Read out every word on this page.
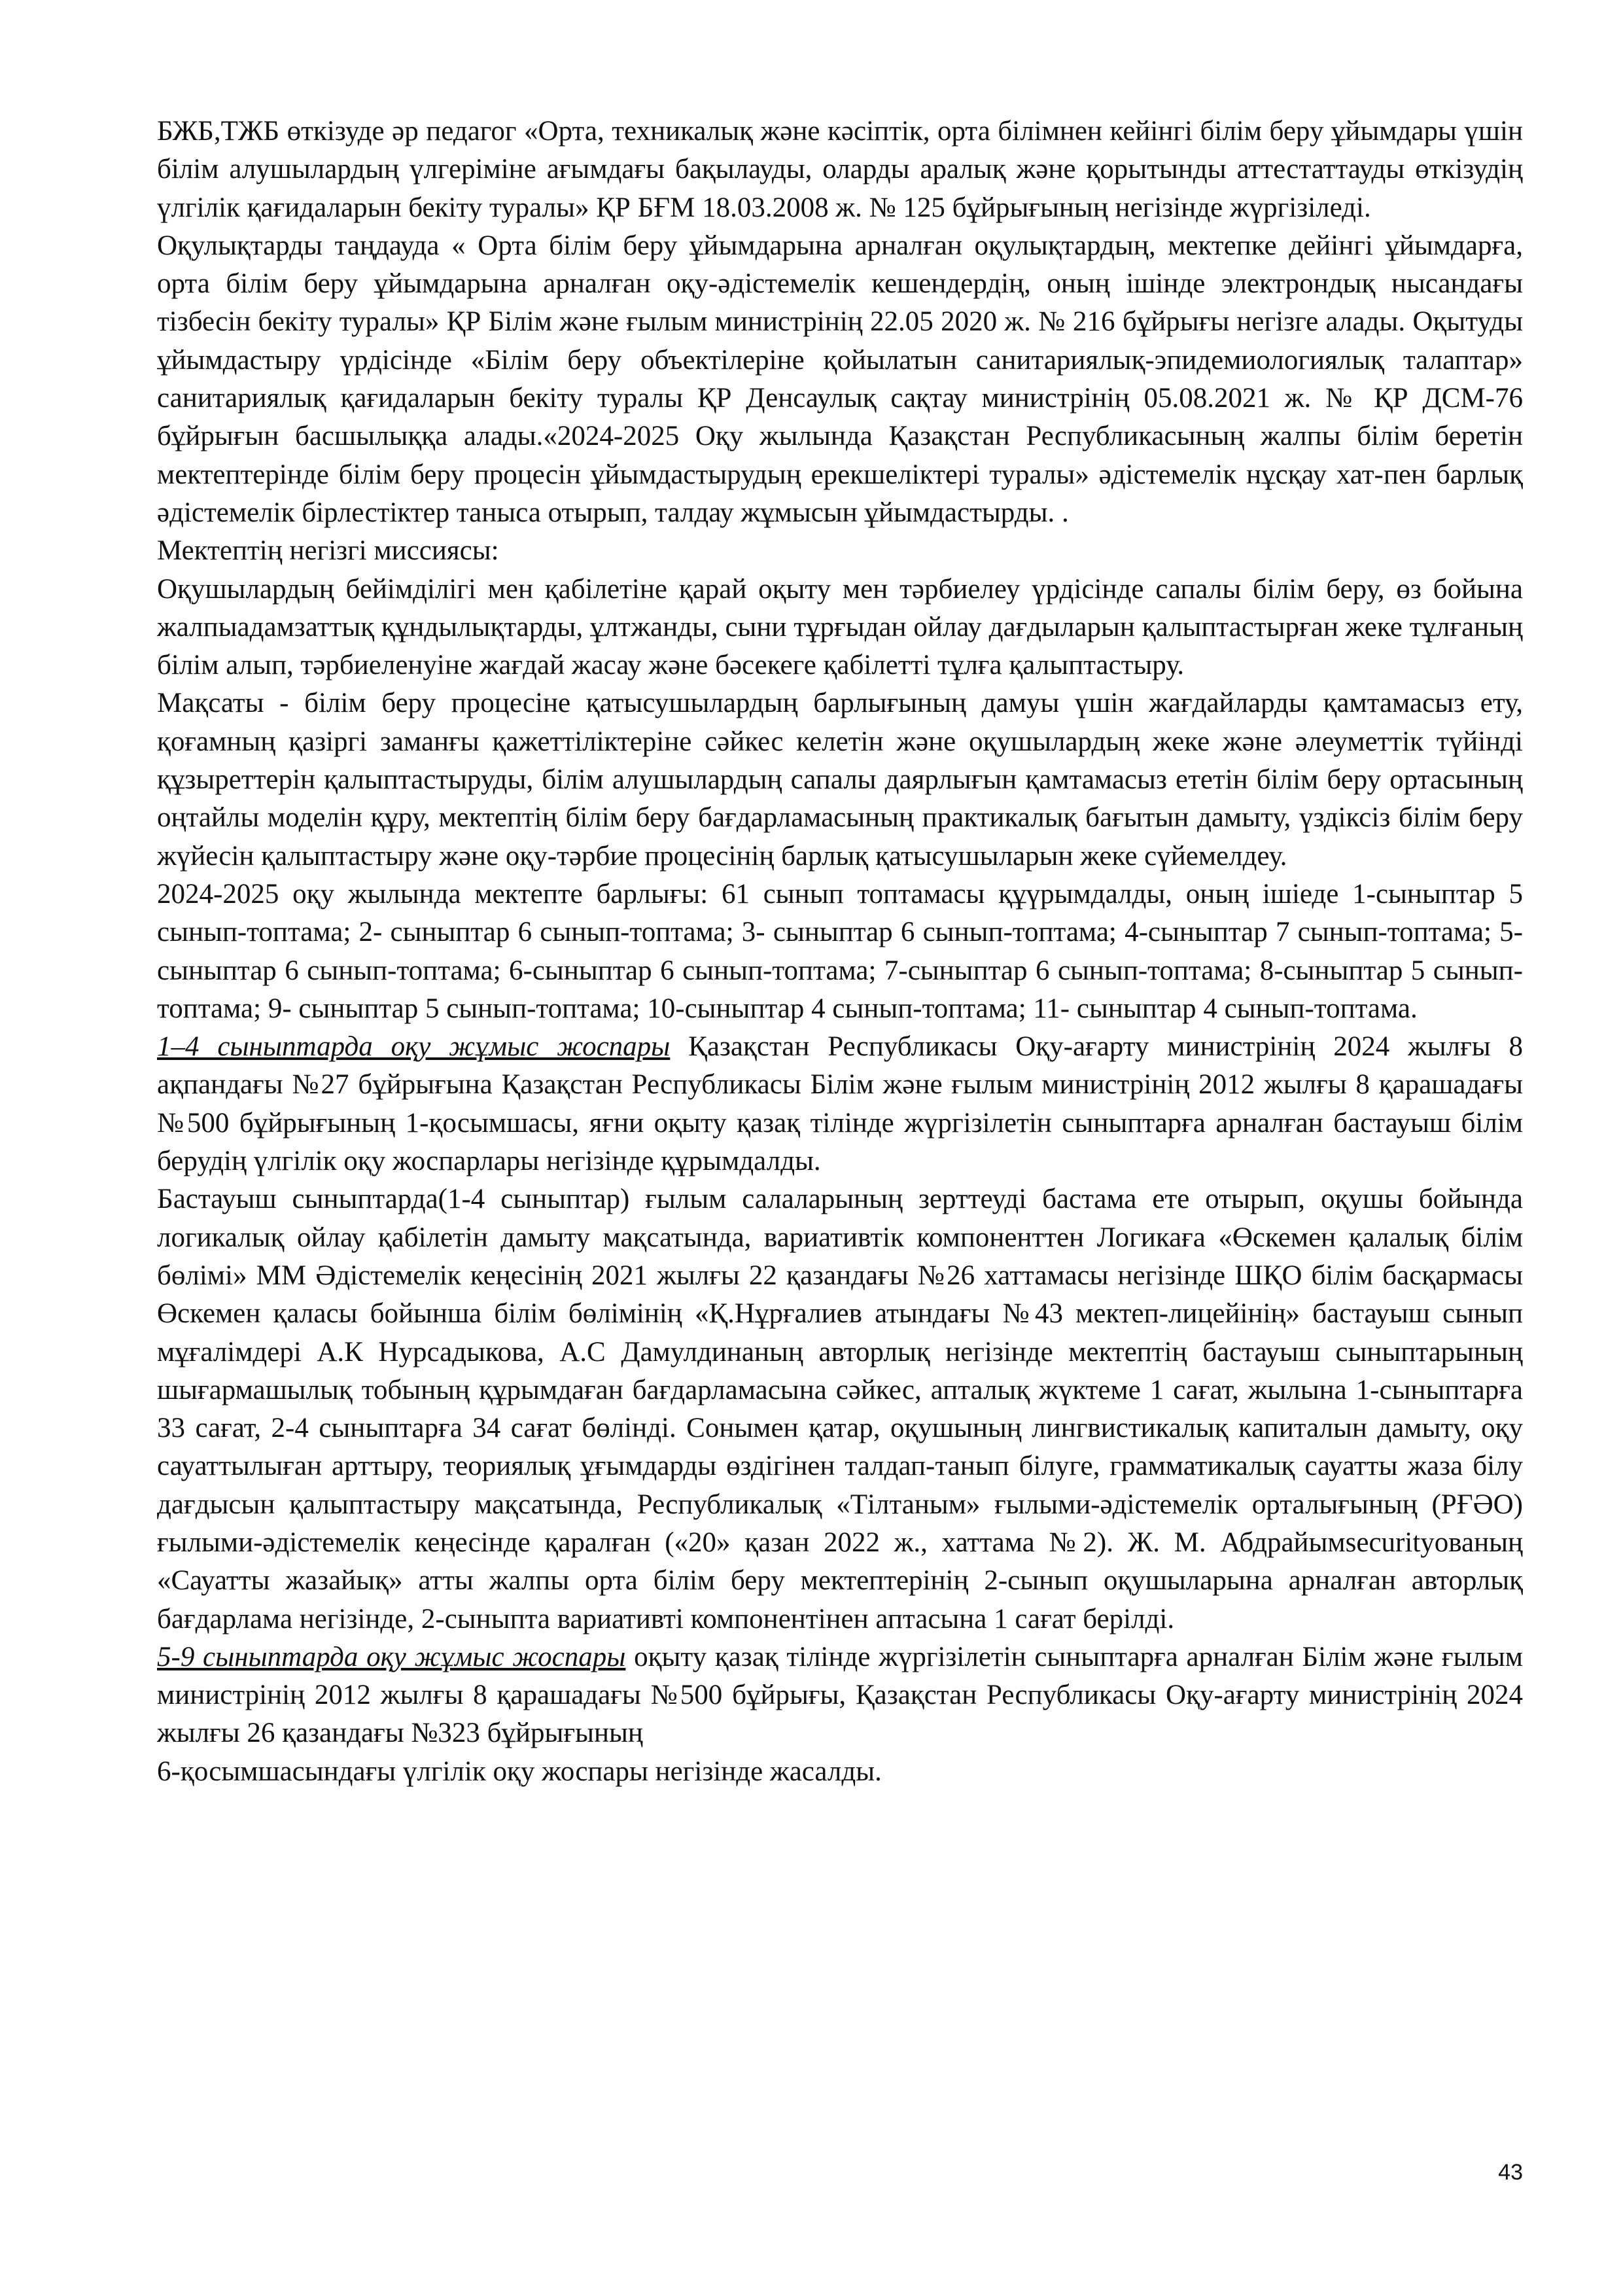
БЖБ,ТЖБ өткізуде әр педагог «Орта, техникалық және кәсіптік, орта білімнен кейінгі білім беру ұйымдары үшін білім алушылардың үлгеріміне ағымдағы бақылауды, оларды аралық және қорытынды аттестаттауды өткізудің үлгілік қағидаларын бекіту туралы» ҚР БҒМ 18.03.2008 ж. № 125 бұйрығының негізінде жүргізіледі.

Оқулықтарды таңдауда « Орта білім беру ұйымдарына арналған оқулықтардың, мектепке дейінгі ұйымдарға, орта білім беру ұйымдарына арналған оқу-әдістемелік кешендердің, оның ішінде электрондық нысандағы тізбесін бекіту туралы» ҚР Білім және ғылым министрінің 22.05 2020 ж. № 216 бұйрығы негізге алады. Оқытуды ұйымдастыру үрдісінде «Білім беру объектілеріне қойылатын санитариялық-эпидемиологиялық талаптар» санитариялық қағидаларын бекіту туралы ҚР Денсаулық сақтау министрінің 05.08.2021 ж. № ҚР ДСМ-76 бұйрығын басшылыққа алады.«2024-2025 Оқу жылында Қазақстан Республикасының жалпы білім беретін мектептерінде білім беру процесін ұйымдастырудың ерекшеліктері туралы» әдістемелік нұсқау хат-пен барлық әдістемелік бірлестіктер таныса отырып, талдау жұмысын ұйымдастырды. .

Мектептің негізгі миссиясы:

Оқушылардың бейімділігі мен қабілетіне қарай оқыту мен тәрбиелеу үрдісінде сапалы білім беру, өз бойына жалпыадамзаттық құндылықтарды, ұлтжанды, сыни тұрғыдан ойлау дағдыларын қалыптастырған жеке тұлғаның білім алып, тәрбиеленуіне жағдай жасау және бәсекеге қабілетті тұлға қалыптастыру.

Мақсаты - білім беру процесіне қатысушылардың барлығының дамуы үшін жағдайларды қамтамасыз ету, қоғамның қазіргі заманғы қажеттіліктеріне сәйкес келетін және оқушылардың жеке және әлеуметтік түйінді құзыреттерін қалыптастыруды, білім алушылардың сапалы даярлығын қамтамасыз ететін білім беру ортасының оңтайлы моделін құру, мектептің білім беру бағдарламасының практикалық бағытын дамыту, үздіксіз білім беру жүйесін қалыптастыру және оқу-тәрбие процесінің барлық қатысушыларын жеке сүйемелдеу.

2024-2025 оқу жылында мектепте барлығы: 61 сынып топтамасы құүрымдалды, оның ішіеде 1-сыныптар 5 сынып-топтама; 2- сыныптар 6 сынып-топтама; 3- сыныптар 6 сынып-топтама; 4-сыныптар 7 сынып-топтама; 5- сыныптар 6 сынып-топтама; 6-сыныптар 6 сынып-топтама; 7-сыныптар 6 сынып-топтама; 8-сыныптар 5 сынып-топтама; 9- сыныптар 5 сынып-топтама; 10-сыныптар 4 сынып-топтама; 11- сыныптар 4 сынып-топтама.

1–4 сыныптарда оқу жұмыс жоспары Қазақстан Республикасы Оқу-ағарту министрінің 2024 жылғы 8 ақпандағы №27 бұйрығына Қазақстан Республикасы Білім және ғылым министрінің 2012 жылғы 8 қарашадағы №500 бұйрығының 1-қосымшасы, яғни оқыту қазақ тілінде жүргізілетін сыныптарға арналған бастауыш білім берудің үлгілік оқу жоспарлары негізінде құрымдалды.

Бастауыш сыныптарда(1-4 сыныптар) ғылым салаларының зерттеуді бастама ете отырып, оқушы бойында логикалық ойлау қабілетін дамыту мақсатында, вариативтік компоненттен Логикаға «Өскемен қалалық білім бөлімі» ММ Әдістемелік кеңесінің 2021 жылғы 22 қазандағы №26 хаттамасы негізінде ШҚО білім басқармасы Өскемен қаласы бойынша білім бөлімінің «Қ.Нұрғалиев атындағы №43 мектеп-лицейінің» бастауыш сынып мұғалімдері А.К Нурсадыкова, А.С Дамулдинаның авторлық негізінде мектептің бастауыш сыныптарының шығармашылық тобының құрымдаған бағдарламасына сәйкес, апталық жүктеме 1 сағат, жылына 1-сыныптарға 33 сағат, 2-4 сыныптарға 34 сағат бөлінді. Сонымен қатар, оқушының лингвистикалық капиталын дамыту, оқу сауаттылыған арттыру, теориялық ұғымдарды өздігінен талдап-танып білуге, грамматикалық сауатты жаза білу дағдысын қалыптастыру мақсатында, Республикалық «Тілтаным» ғылыми-әдістемелік орталығының (РҒӘО) ғылыми-әдістемелік кеңесінде қаралған («20» қазан 2022 ж., хаттама №2). Ж. М. Абдрайымsecurityованың «Сауатты жазайық» атты жалпы орта білім беру мектептерінің 2-сынып оқушыларына арналған авторлық бағдарлама негізінде, 2-сыныпта вариативті компонентінен аптасына 1 сағат берілді.

5-9 сыныптарда оқу жұмыс жоспары оқыту қазақ тілінде жүргізілетін сыныптарға арналған Білім және ғылым министрінің 2012 жылғы 8 қарашадағы №500 бұйрығы, Қазақстан Республикасы Оқу-ағарту министрінің 2024 жылғы 26 қазандағы №323 бұйрығының

6-қосымшасындағы үлгілік оқу жоспары негізінде жасалды.

43
